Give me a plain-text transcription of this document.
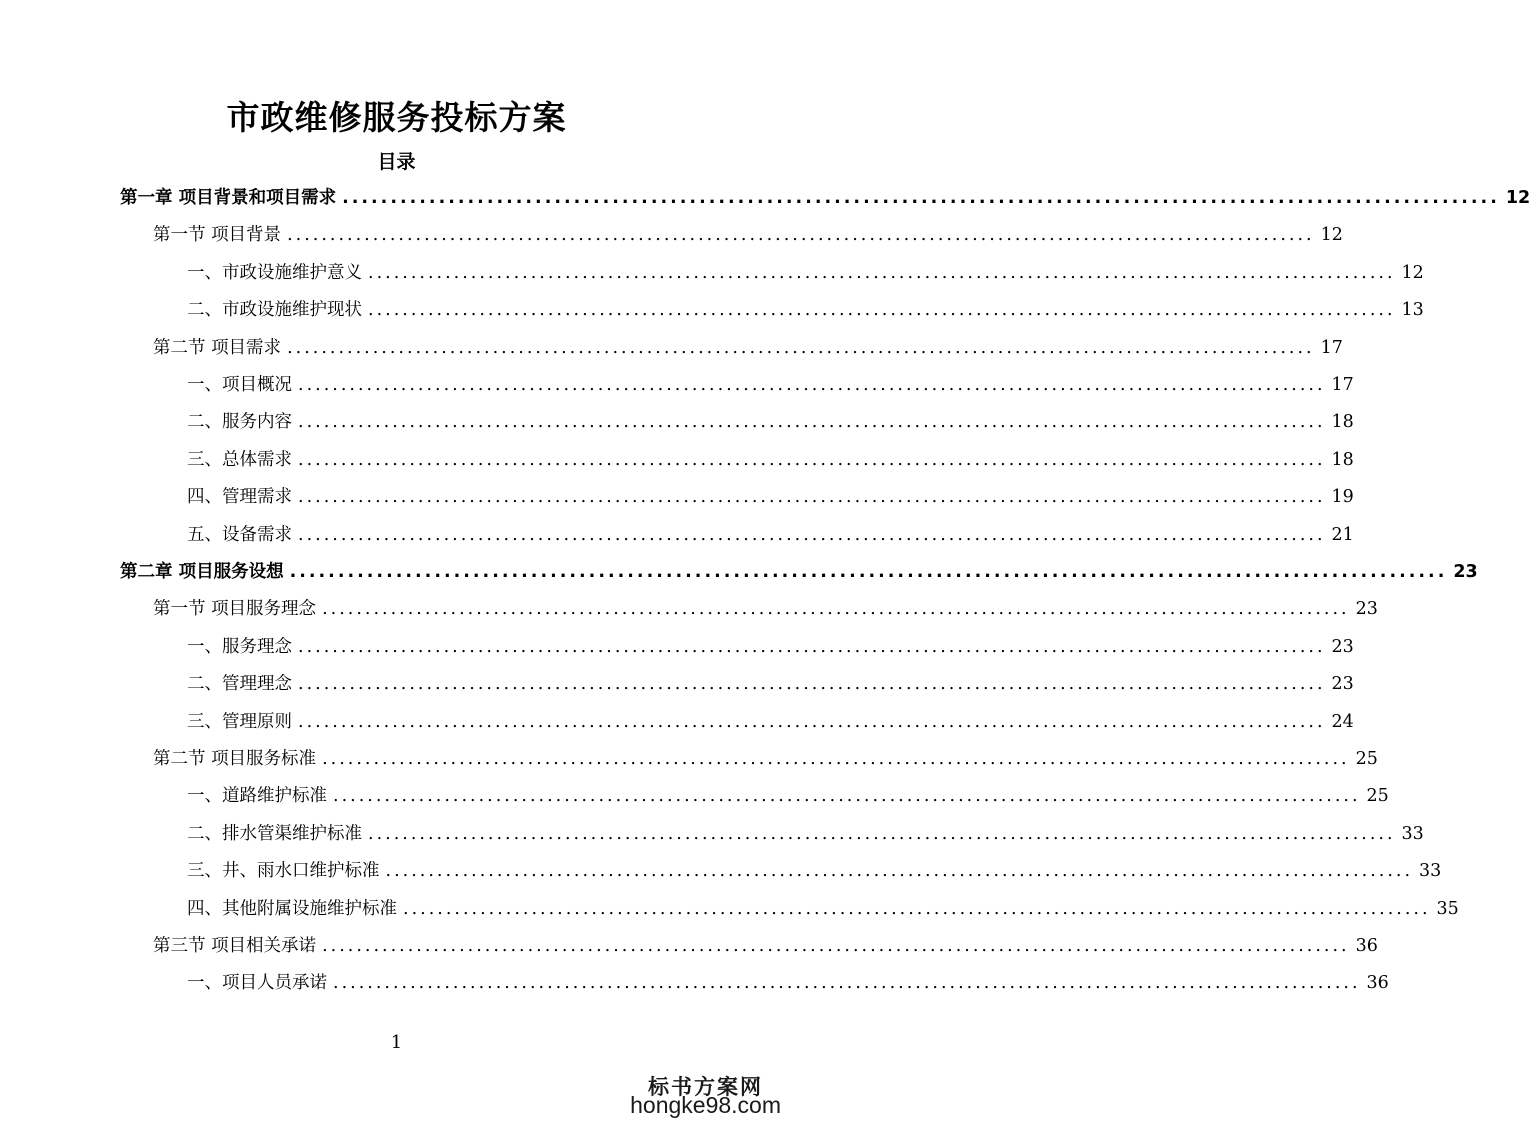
市政维修服务投标方案
目录
第一章 项目背景和项目需求 ........................................................................................................................ 12
第一节 项目背景 ........................................................................................................................ 12
一、市政设施维护意义 ........................................................................................................................ 12
二、市政设施维护现状 ........................................................................................................................ 13
第二节 项目需求 ........................................................................................................................ 17
一、项目概况 ........................................................................................................................ 17
二、服务内容 ........................................................................................................................ 18
三、总体需求 ........................................................................................................................ 18
四、管理需求 ........................................................................................................................ 19
五、设备需求 ........................................................................................................................ 21
第二章 项目服务设想 ........................................................................................................................ 23
第一节 项目服务理念 ........................................................................................................................ 23
一、服务理念 ........................................................................................................................ 23
二、管理理念 ........................................................................................................................ 23
三、管理原则 ........................................................................................................................ 24
第二节 项目服务标准 ........................................................................................................................ 25
一、道路维护标准 ........................................................................................................................ 25
二、排水管渠维护标准 ........................................................................................................................ 33
三、井、雨水口维护标准 ........................................................................................................................ 33
四、其他附属设施维护标准 ........................................................................................................................ 35
第三节 项目相关承诺 ........................................................................................................................ 36
一、项目人员承诺 ........................................................................................................................ 36
1
标书方案网
hongke98.com
